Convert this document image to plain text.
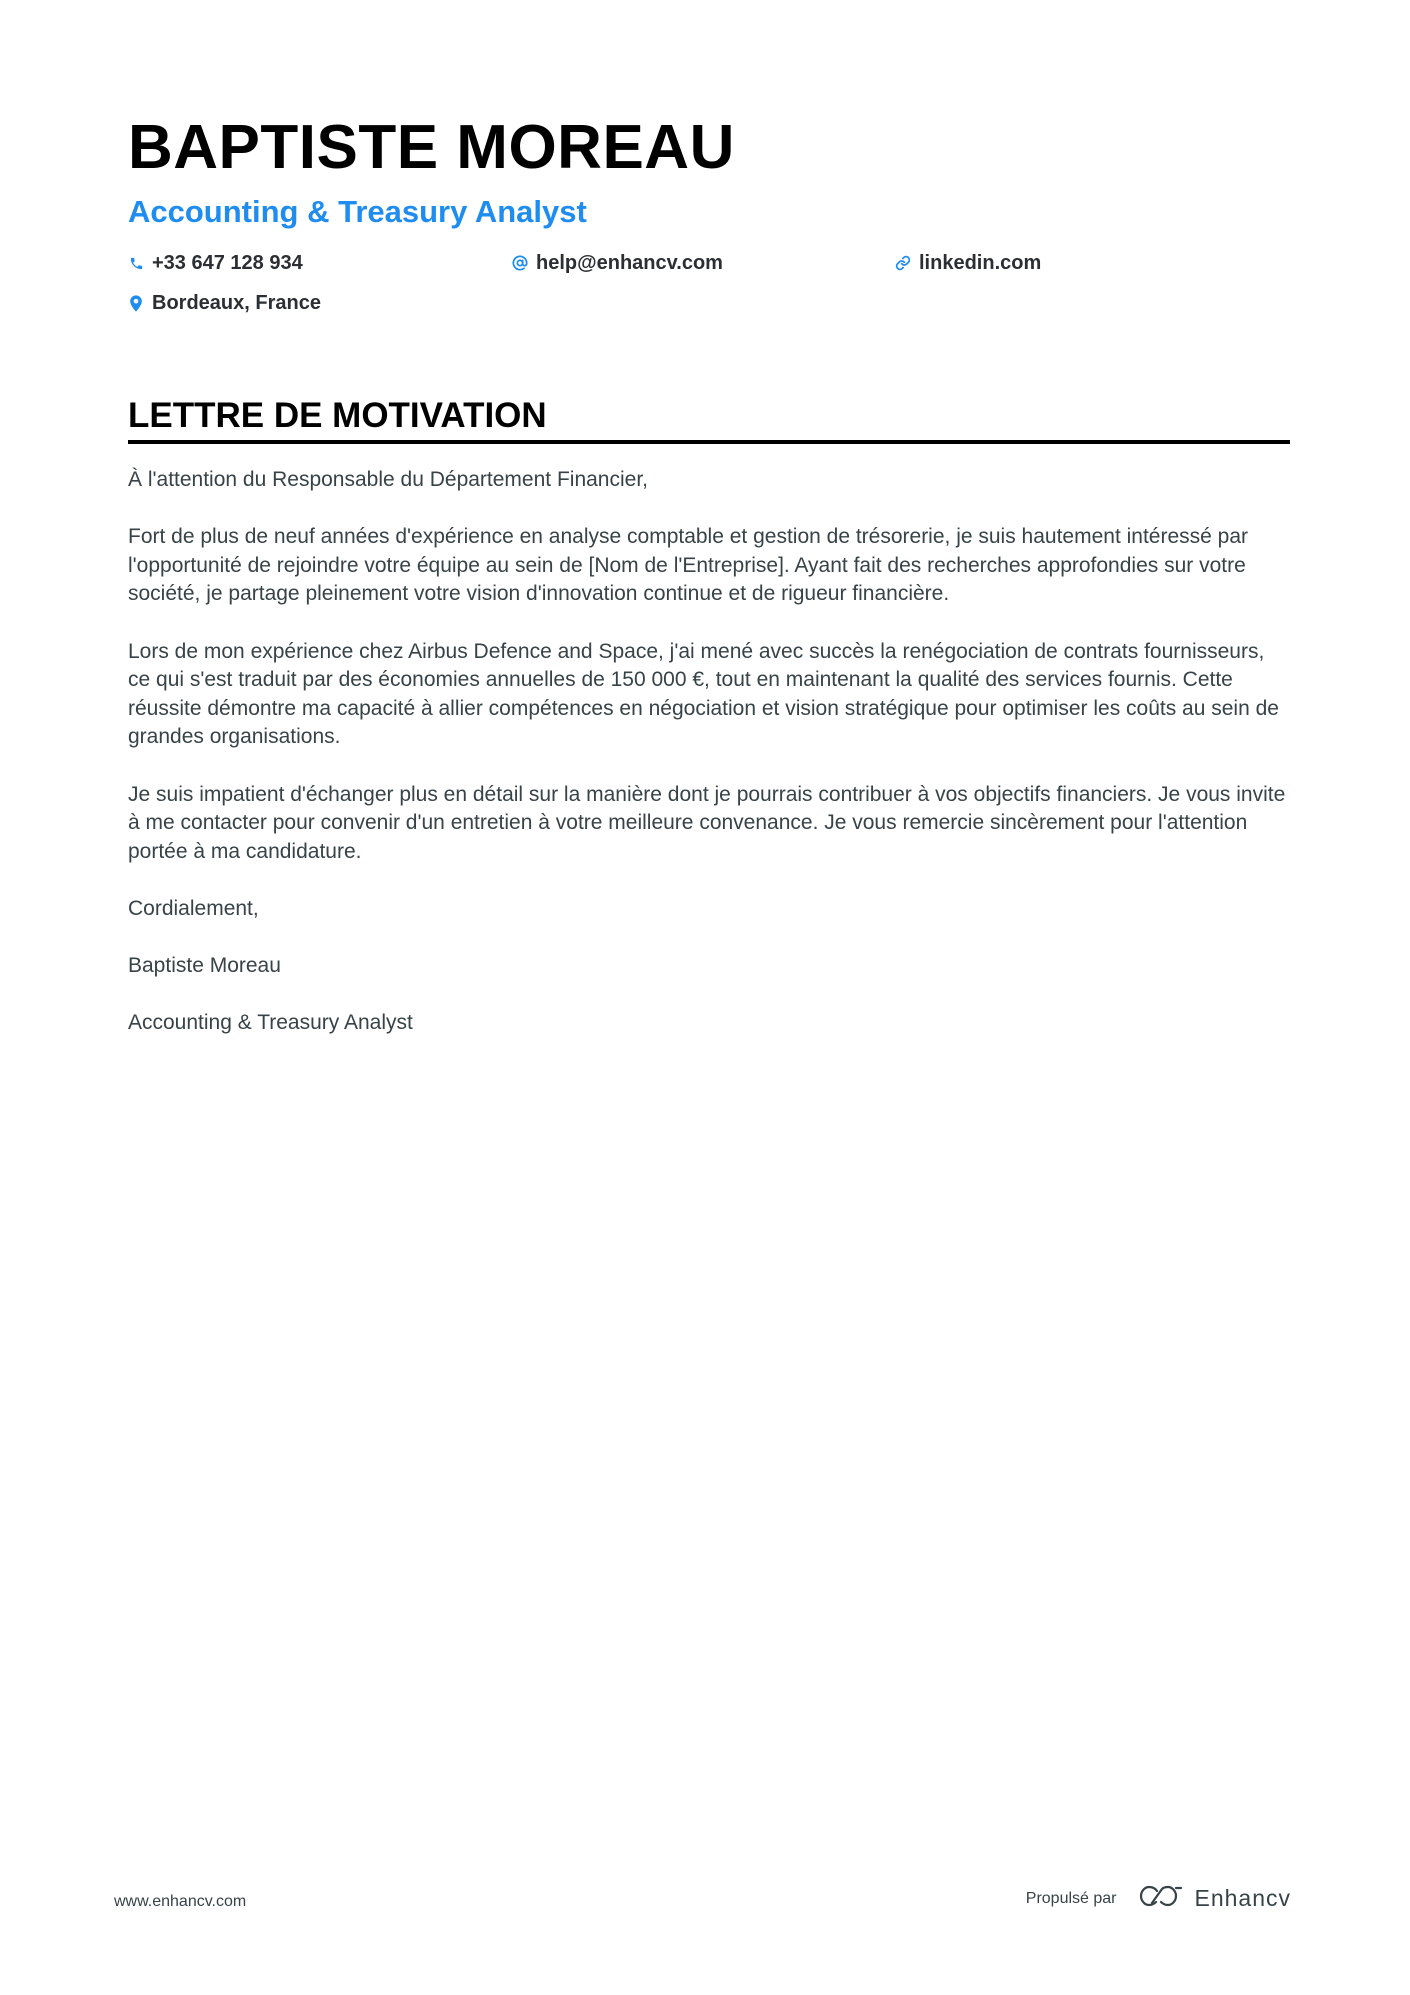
BAPTISTE MOREAU
Accounting & Treasury Analyst
+33 647 128 934	help@enhancv.com	linkedin.com
Bordeaux, France
LETTRE DE MOTIVATION

À l'attention du Responsable du Département Financier,

Fort de plus de neuf années d'expérience en analyse comptable et gestion de trésorerie, je suis hautement intéressé par l'opportunité de rejoindre votre équipe au sein de [Nom de l'Entreprise]. Ayant fait des recherches approfondies sur votre société, je partage pleinement votre vision d'innovation continue et de rigueur financière.

Lors de mon expérience chez Airbus Defence and Space, j'ai mené avec succès la renégociation de contrats fournisseurs, ce qui s'est traduit par des économies annuelles de 150 000 €, tout en maintenant la qualité des services fournis. Cette réussite démontre ma capacité à allier compétences en négociation et vision stratégique pour optimiser les coûts au sein de grandes organisations.

Je suis impatient d'échanger plus en détail sur la manière dont je pourrais contribuer à vos objectifs financiers. Je vous invite à me contacter pour convenir d'un entretien à votre meilleure convenance. Je vous remercie sincèrement pour l'attention portée à ma candidature.

Cordialement,

Baptiste Moreau

Accounting & Treasury Analyst

www.enhancv.com	Propulsé par	Enhancv
